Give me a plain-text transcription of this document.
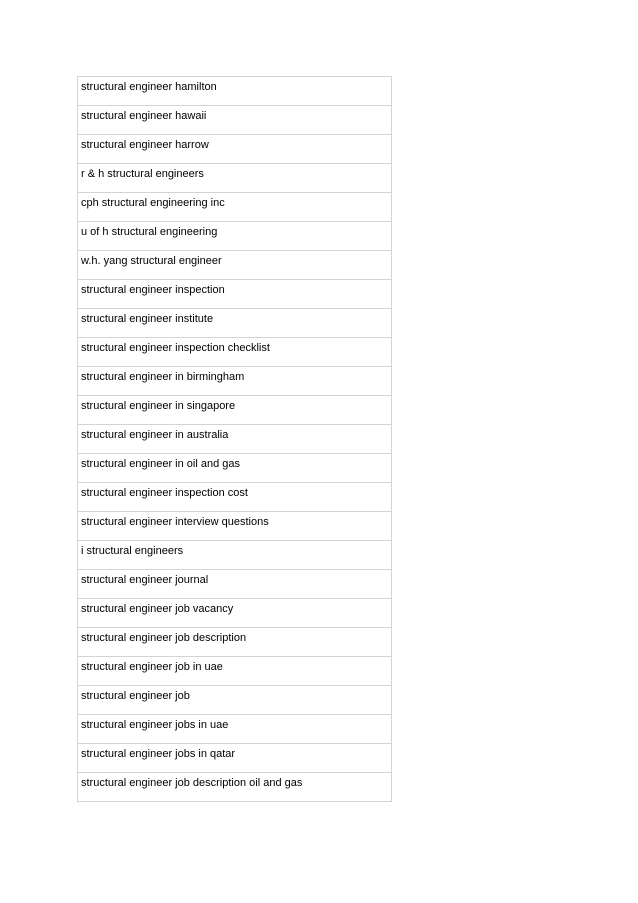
structural engineer hamilton

structural engineer hawaii

structural engineer harrow

r & h structural engineers

cph structural engineering inc

u of h structural engineering

w.h. yang structural engineer

structural engineer inspection

structural engineer institute

structural engineer inspection checklist

structural engineer in birmingham

structural engineer in singapore

structural engineer in australia

structural engineer in oil and gas

structural engineer inspection cost

structural engineer interview questions

i structural engineers

structural engineer journal

structural engineer job vacancy

structural engineer job description

structural engineer job in uae

structural engineer job

structural engineer jobs in uae

structural engineer jobs in qatar

structural engineer job description oil and gas
